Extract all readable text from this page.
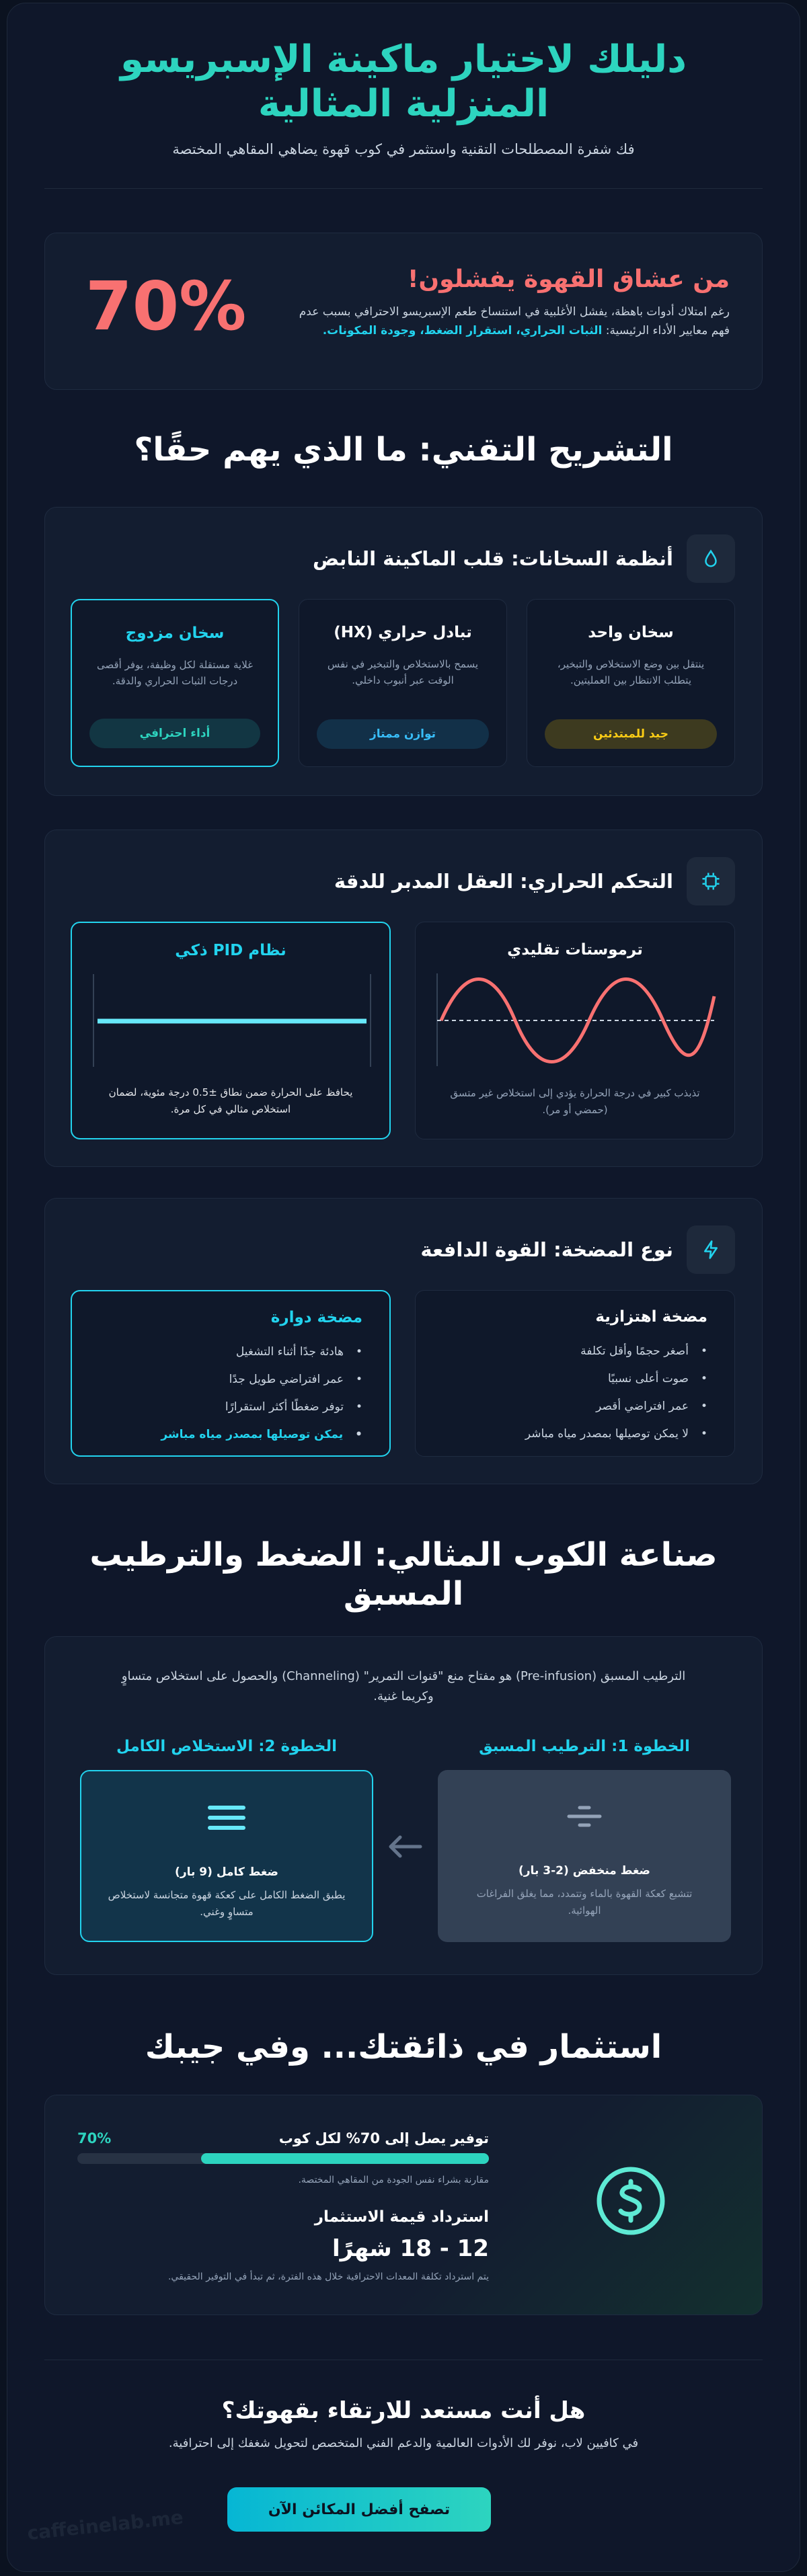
دليلك لاختيار ماكينة الإسبريسو
المنزلية المثالية

فك شفرة المصطلحات التقنية واستثمر في كوب قهوة يضاهي المقاهي المختصة

70%	من عشاق القهوة يفشلون!
رغم امتلاك أدوات باهظة، يفشل الأغلبية في استنساخ طعم الإسبريسو الاحترافي بسبب عدم فهم معايير الأداء الرئيسية: الثبات الحراري، استقرار الضغط، وجودة المكونات.
التشريح التقني: ما الذي يهم حقًا؟
أنظمة السخانات: قلب الماكينة النابض
سخان واحد

ينتقل بين وضع الاستخلاص والتبخير، يتطلب الانتظار بين العمليتين.

جيد للمبتدئين
تبادل حراري (HX)

يسمح بالاستخلاص والتبخير في نفس الوقت عبر أنبوب داخلي.

توازن ممتاز
سخان مزدوج

غلاية مستقلة لكل وظيفة، يوفر أقصى درجات الثبات الحراري والدقة.

أداء احترافي
التحكم الحراري: العقل المدبر للدقة
ترموستات تقليدي

تذبذب كبير في درجة الحرارة يؤدي إلى استخلاص غير متسق (حمضي أو مر).

نظام PID ذكي

يحافظ على الحرارة ضمن نطاق ±0.5 درجة مئوية، لضمان استخلاص مثالي في كل مرة.

نوع المضخة: القوة الدافعة
مضخة اهتزازية
• أصغر حجمًا وأقل تكلفة
• صوت أعلى نسبيًا
• عمر افتراضي أقصر
• لا يمكن توصيلها بمصدر مياه مباشر
مضخة دوارة
• هادئة جدًا أثناء التشغيل
• عمر افتراضي طويل جدًا
• توفر ضغطًا أكثر استقرارًا
• يمكن توصيلها بمصدر مياه مباشر
صناعة الكوب المثالي: الضغط والترطيب
المسبق

الترطيب المسبق (Pre-infusion) هو مفتاح منع "قنوات التمرير" (Channeling) والحصول على استخلاص متساوٍ وكريما غنية.

الخطوة 1: الترطيب المسبق
الخطوة 2: الاستخلاص الكامل
ضغط منخفض (2-3 بار)

تتشبع كعكة القهوة بالماء وتتمدد، مما يغلق الفراغات الهوائية.

ضغط كامل (9 بار)

يطبق الضغط الكامل على كعكة قهوة متجانسة لاستخلاص متساوٍ وغني.

استثمار في ذائقتك... وفي جيبك
توفير يصل إلى 70% لكل كوب
70%
مقارنة بشراء نفس الجودة من المقاهي المختصة.
استرداد قيمة الاستثمار
12 - 18 شهرًا
يتم استرداد تكلفة المعدات الاحترافية خلال هذه الفترة، ثم تبدأ في التوفير الحقيقي.
هل أنت مستعد للارتقاء بقهوتك؟
في كافيين لاب، نوفر لك الأدوات العالمية والدعم الفني المتخصص لتحويل شغفك إلى احترافية.
تصفح أفضل المكائن الآن
caffeinelab.me
